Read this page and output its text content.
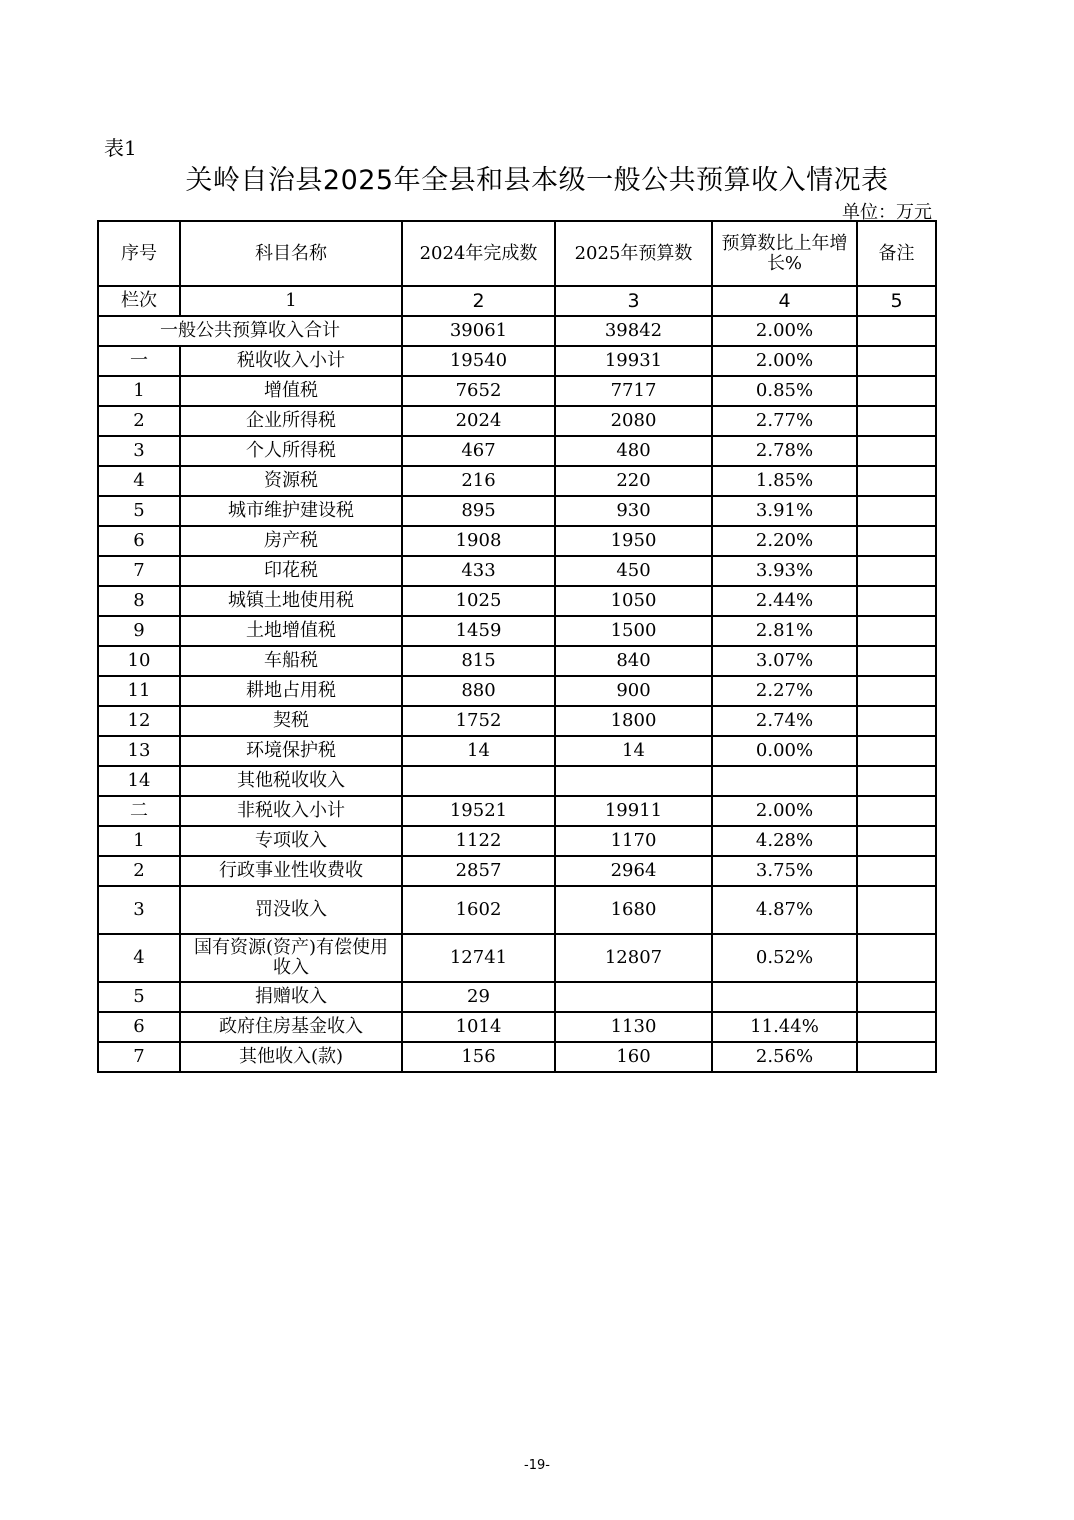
表1
关岭自治县2025年全县和县本级一般公共预算收入情况表
单位：万元
序号	科目名称	2024年完成数	2025年预算数	预算数比上年增长%	备注
栏次	1	2	3	4	5
一般公共预算收入合计		39061	39842	2.00%	
一	税收收入小计	19540	19931	2.00%	
1	增值税	7652	7717	0.85%	
2	企业所得税	2024	2080	2.77%	
3	个人所得税	467	480	2.78%	
4	资源税	216	220	1.85%	
5	城市维护建设税	895	930	3.91%	
6	房产税	1908	1950	2.20%	
7	印花税	433	450	3.93%	
8	城镇土地使用税	1025	1050	2.44%	
9	土地增值税	1459	1500	2.81%	
10	车船税	815	840	3.07%	
11	耕地占用税	880	900	2.27%	
12	契税	1752	1800	2.74%	
13	环境保护税	14	14	0.00%	
14	其他税收收入				
二	非税收入小计	19521	19911	2.00%	
1	专项收入	1122	1170	4.28%	
2	行政事业性收费收	2857	2964	3.75%	
3	罚没收入	1602	1680	4.87%	
4	国有资源(资产)有偿使用收入	12741	12807	0.52%	
5	捐赠收入	29			
6	政府住房基金收入	1014	1130	11.44%	
7	其他收入(款)	156	160	2.56%	
-19-
